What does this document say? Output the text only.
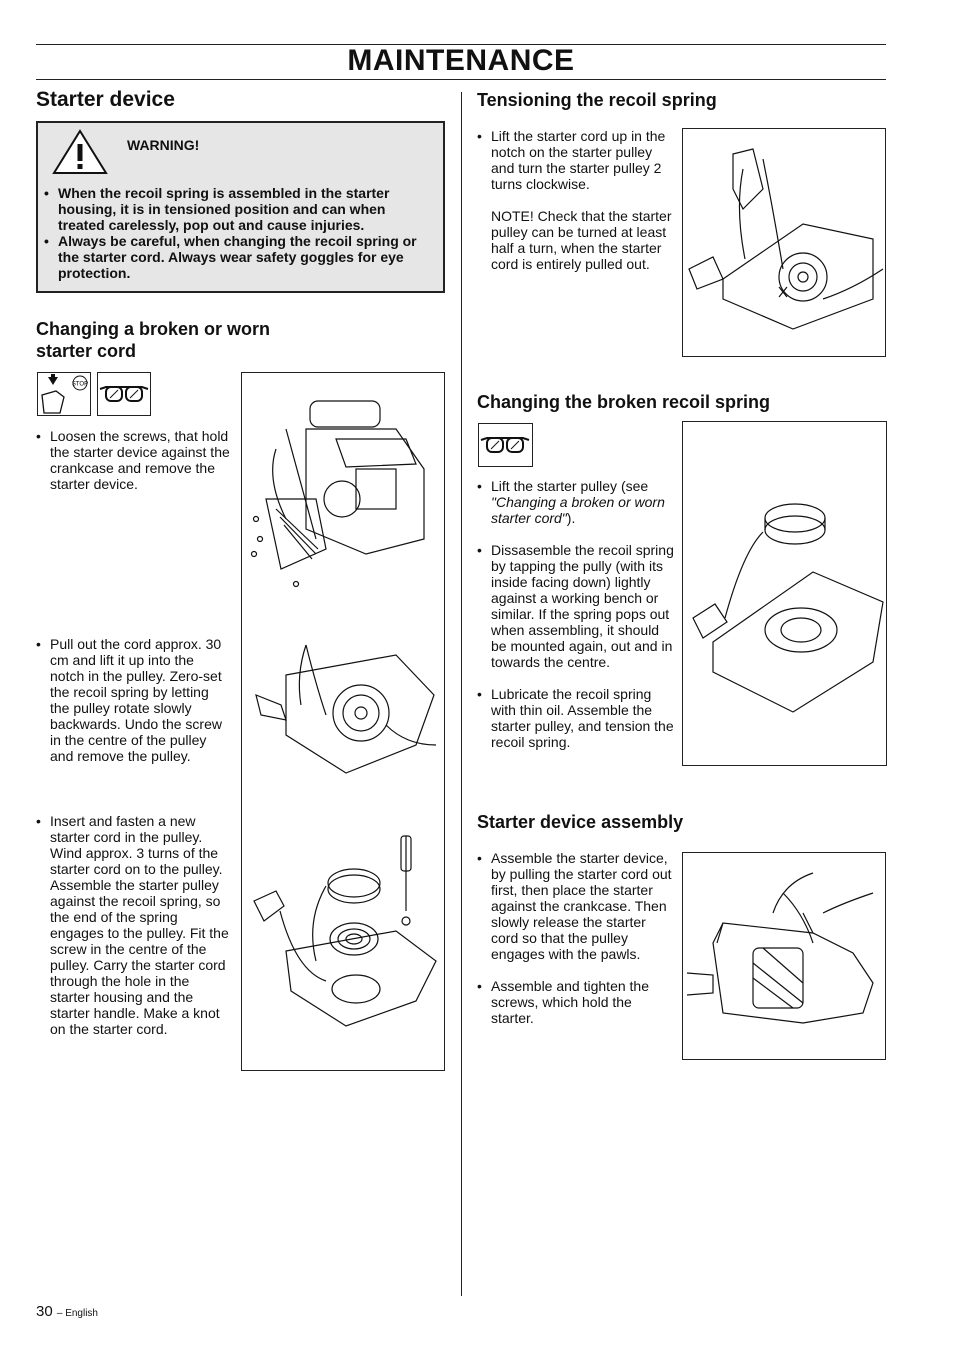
MAINTENANCE
Starter device
WARNING!
• When the recoil spring is assembled in the starter housing, it is in tensioned position and can when treated carelessly, pop out and cause injuries.
• Always be careful, when changing the recoil spring or the starter cord. Always wear safety goggles for eye protection.
Changing a broken or worn
starter cord
STOP
• Loosen the screws, that hold the starter device against the crankcase and remove the starter device.
• Pull out the cord approx. 30 cm and lift it up into the notch in the pulley. Zero-set the recoil spring by letting the pulley rotate slowly backwards. Undo the screw in the centre of the pulley and remove the pulley.
• Insert and fasten a new starter cord in the pulley. Wind approx. 3 turns of the starter cord on to the pulley. Assemble the starter pulley against the recoil spring, so the end of the spring engages to the pulley. Fit the screw in the centre of the pulley. Carry the starter cord through the hole in the starter housing and the starter handle. Make a knot on the starter cord.
Tensioning the recoil spring
• Lift the starter cord up in the notch on the starter pulley and turn the starter pulley 2 turns clockwise.
NOTE! Check that the starter pulley can be turned at least half a turn, when the starter cord is entirely pulled out.
Changing the broken recoil spring
• Lift the starter pulley (see "Changing a broken or worn starter cord").
• Dissasemble the recoil spring by tapping the pully (with its inside facing down) lightly against a working bench or similar. If the spring pops out when assembling, it should be mounted again, out and in towards the centre.
• Lubricate the recoil spring with thin oil. Assemble the starter pulley, and tension the recoil spring.
Starter device assembly
• Assemble the starter device, by pulling the starter cord out first, then place the starter against the crankcase. Then slowly release the starter cord so that the pulley engages with the pawls.
• Assemble and tighten the screws, which hold the starter.
30 – English
